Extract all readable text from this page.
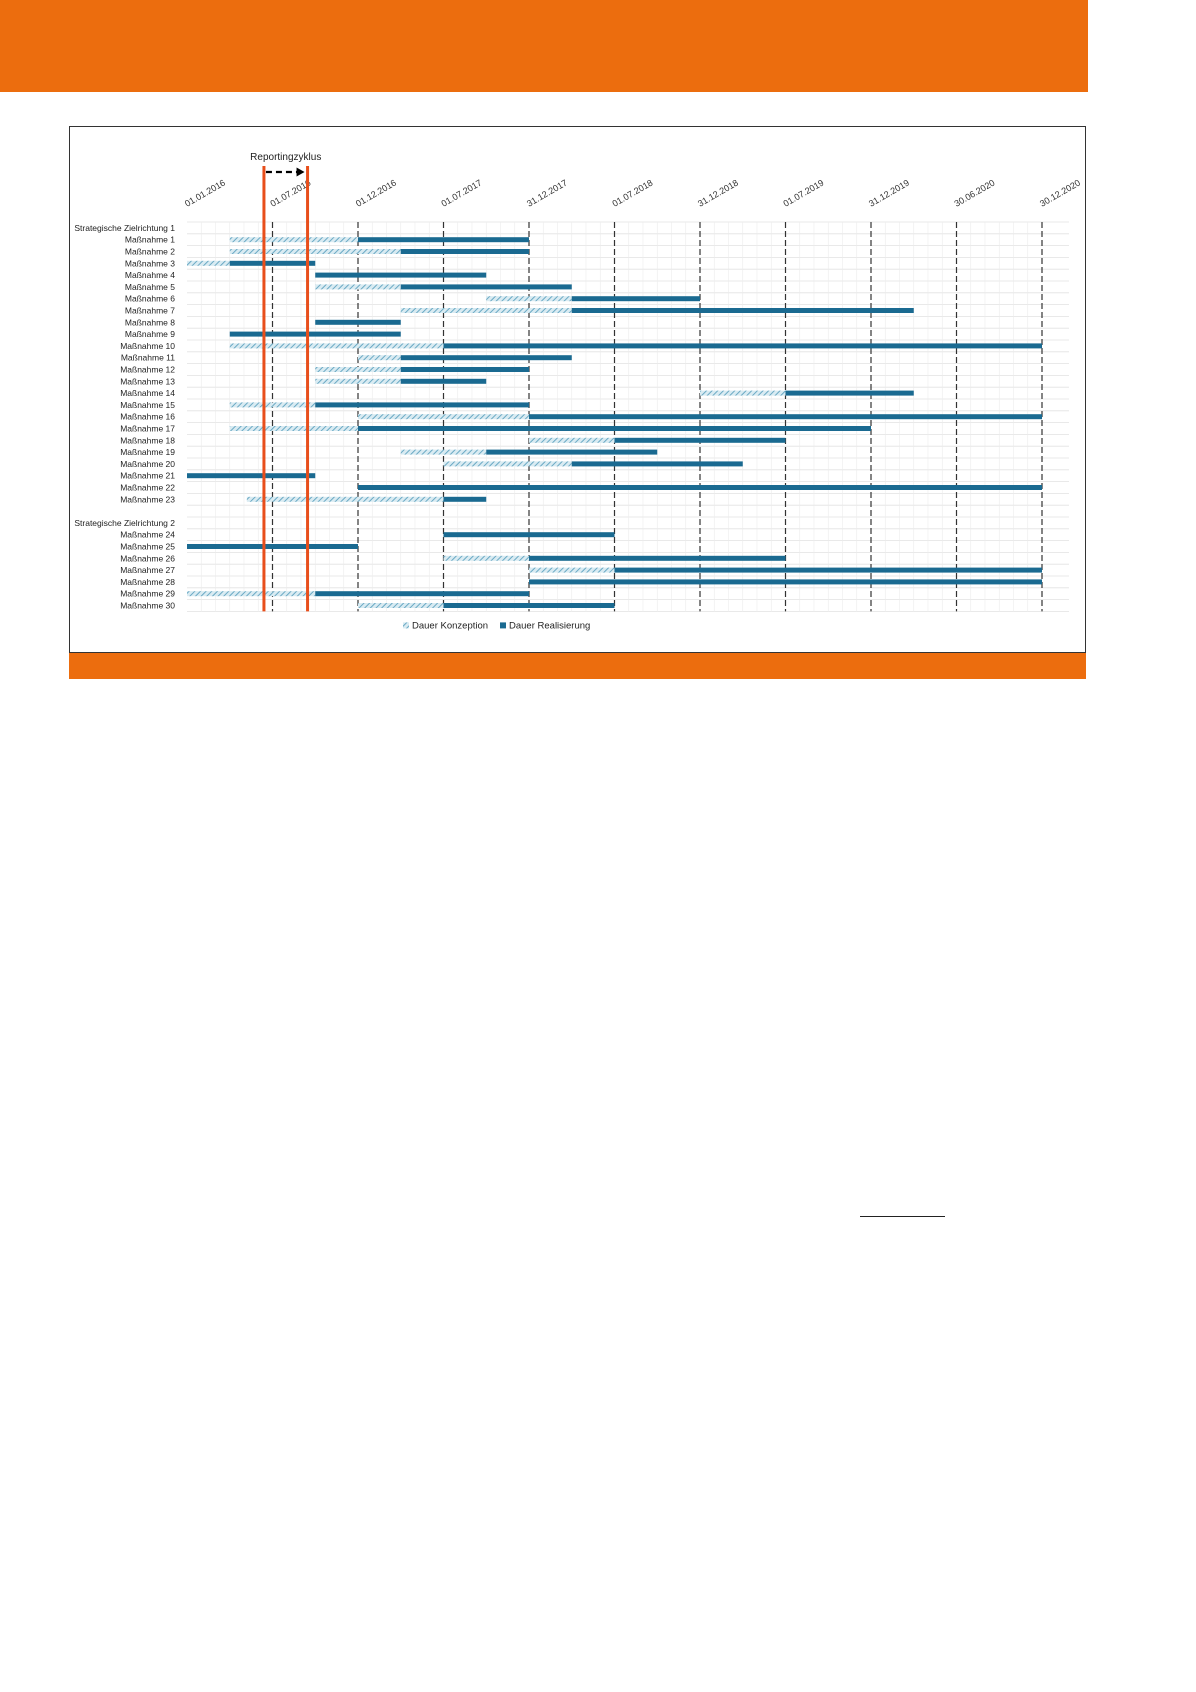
Strategische Zielrichtung 1
Maßnahme 1
Maßnahme 2
Maßnahme 3
Maßnahme 4
Maßnahme 5
Maßnahme 6
Maßnahme 7
Maßnahme 8
Maßnahme 9
Maßnahme 10
Maßnahme 11
Maßnahme 12
Maßnahme 13
Maßnahme 14
Maßnahme 15
Maßnahme 16
Maßnahme 17
Maßnahme 18
Maßnahme 19
Maßnahme 20
Maßnahme 21
Maßnahme 22
Maßnahme 23
Strategische Zielrichtung 2
Maßnahme 24
Maßnahme 25
Maßnahme 26
Maßnahme 27
Maßnahme 28
Maßnahme 29
Maßnahme 30
01.01.2016	01.07.2016	01.12.2016	01.07.2017	31.12.2017	01.07.2018	31.12.2018	01.07.2019	31.12.2019	30.06.2020	30.12.2020
Reportingzyklus
Dauer Konzeption Dauer Realisierung
